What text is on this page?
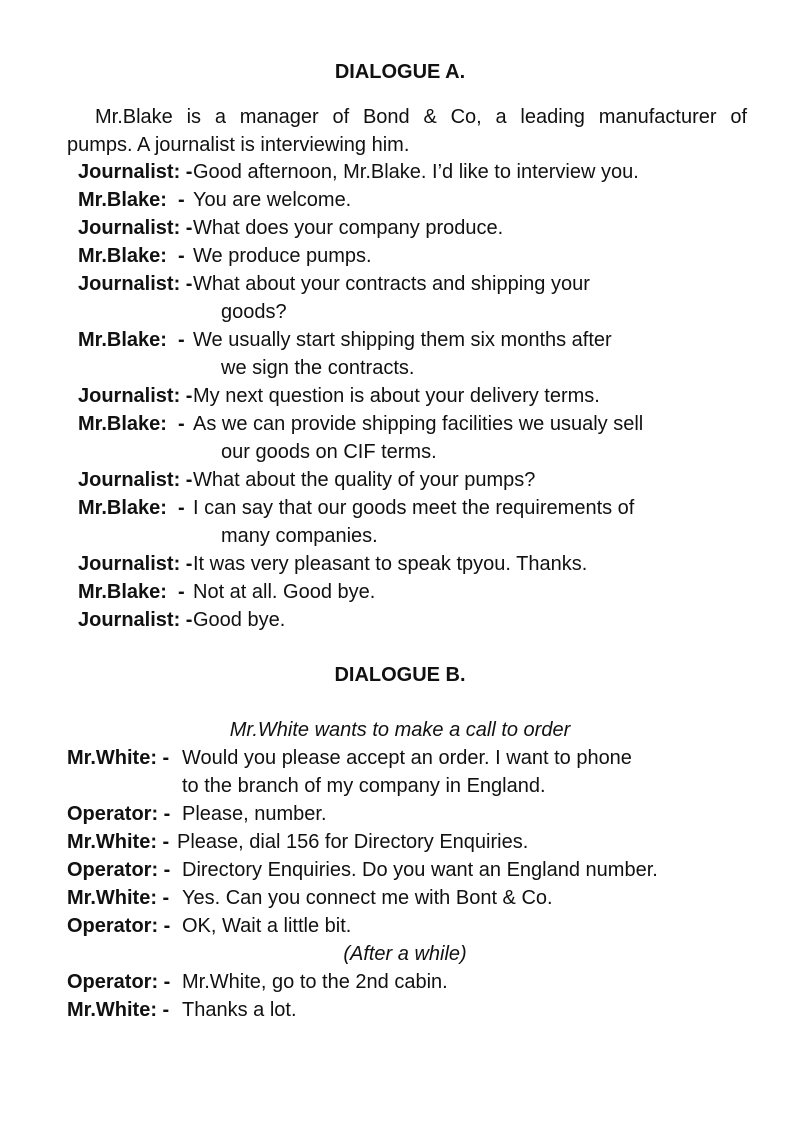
DIALOGUE A.

Mr.Blake is a manager of Bond & Co, a leading manufacturer of
pumps. A journalist is interviewing him.

Journalist: - Good afternoon, Mr.Blake. I’d like to interview you.
Mr.Blake:  - You are welcome.
Journalist: - What does your company produce.
Mr.Blake:  - We produce pumps.
Journalist: - What about your contracts and shipping your
goods?
Mr.Blake:  - We usually start shipping them six months after
we sign the contracts.
Journalist: - My next question is about your delivery terms.
Mr.Blake:  - As we can provide shipping facilities we usualy sell
our goods on CIF terms.
Journalist: - What about the quality of your pumps?
Mr.Blake:  - I can say that our goods meet the requirements of
many companies.
Journalist: - It was very pleasant to speak tpyou. Thanks.
Mr.Blake:  - Not at all. Good bye.
Journalist: - Good bye.
DIALOGUE B.

Mr.White wants to make a call to order

Mr.White: - Would you please accept an order. I want to phone
to the branch of my company in England.
Operator: - Please, number.
Mr.White: - Please, dial 156 for Directory Enquiries.
Operator: - Directory Enquiries. Do you want an England number.
Mr.White: - Yes. Can you connect me with Bont & Co.
Operator: - OK, Wait a little bit.

(After a while)

Operator: - Mr.White, go to the 2nd cabin.
Mr.White: - Thanks a lot.
